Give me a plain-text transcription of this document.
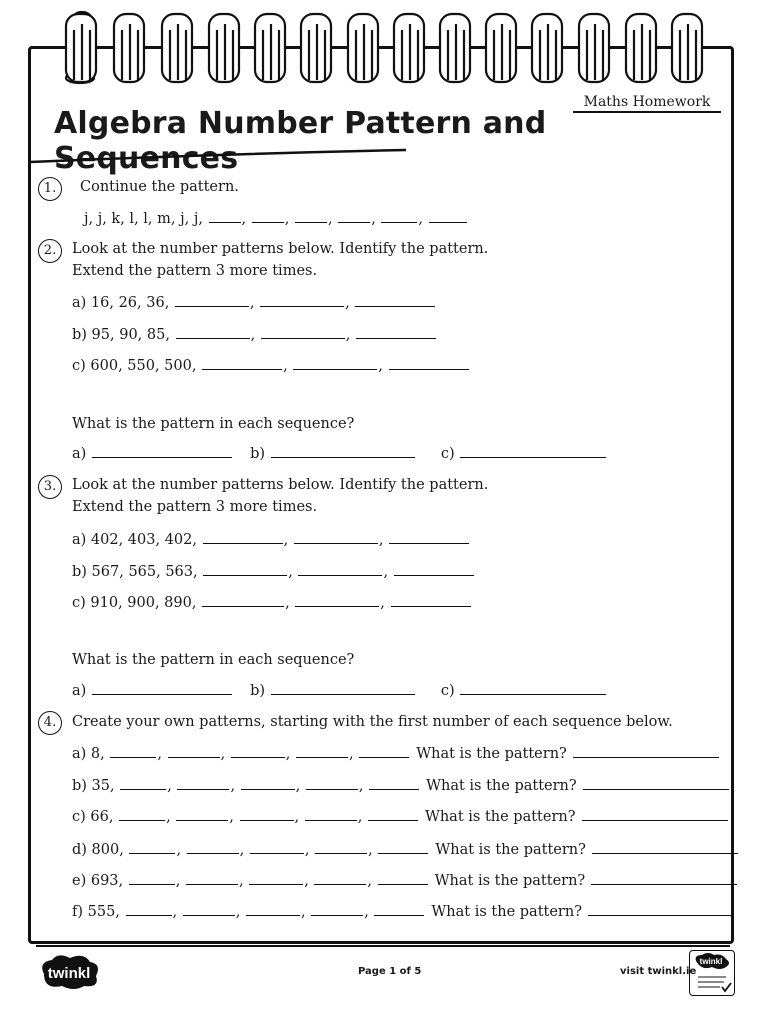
Maths Homework
Algebra Number Pattern and Sequences
1.	Continue the pattern.
j, j, k, l, l, m, j, j,	, , , ,	,
2.	Look at the number patterns below. Identify the pattern.
Extend the pattern 3 more times.
a) 16, 26, 36,	,	,
b) 95, 90, 85,	,	,
c) 600, 550, 500,	,	,
What is the pattern in each sequence?
a)	b)	c)
3.	Look at the number patterns below. Identify the pattern.
Extend the pattern 3 more times.
a) 402, 403, 402,	,	,
b) 567, 565, 563,	,	,
c) 910, 900, 890,	,	,
What is the pattern in each sequence?
a)	b)	c)
4.	Create your own patterns, starting with the first number of each sequence below.
a) 8,	,	,	,	,	What is the pattern?
b) 35,	,	,	,	,	What is the pattern?
c) 66,	,	,	,	,	What is the pattern?
d) 800,	,	,	,	,	What is the pattern?
e) 693,	,	,	,	,	What is the pattern?
f) 555,	,	,	,	,	What is the pattern?
twinkl	Page 1 of 5	visit twinkl.ie
twinkl
